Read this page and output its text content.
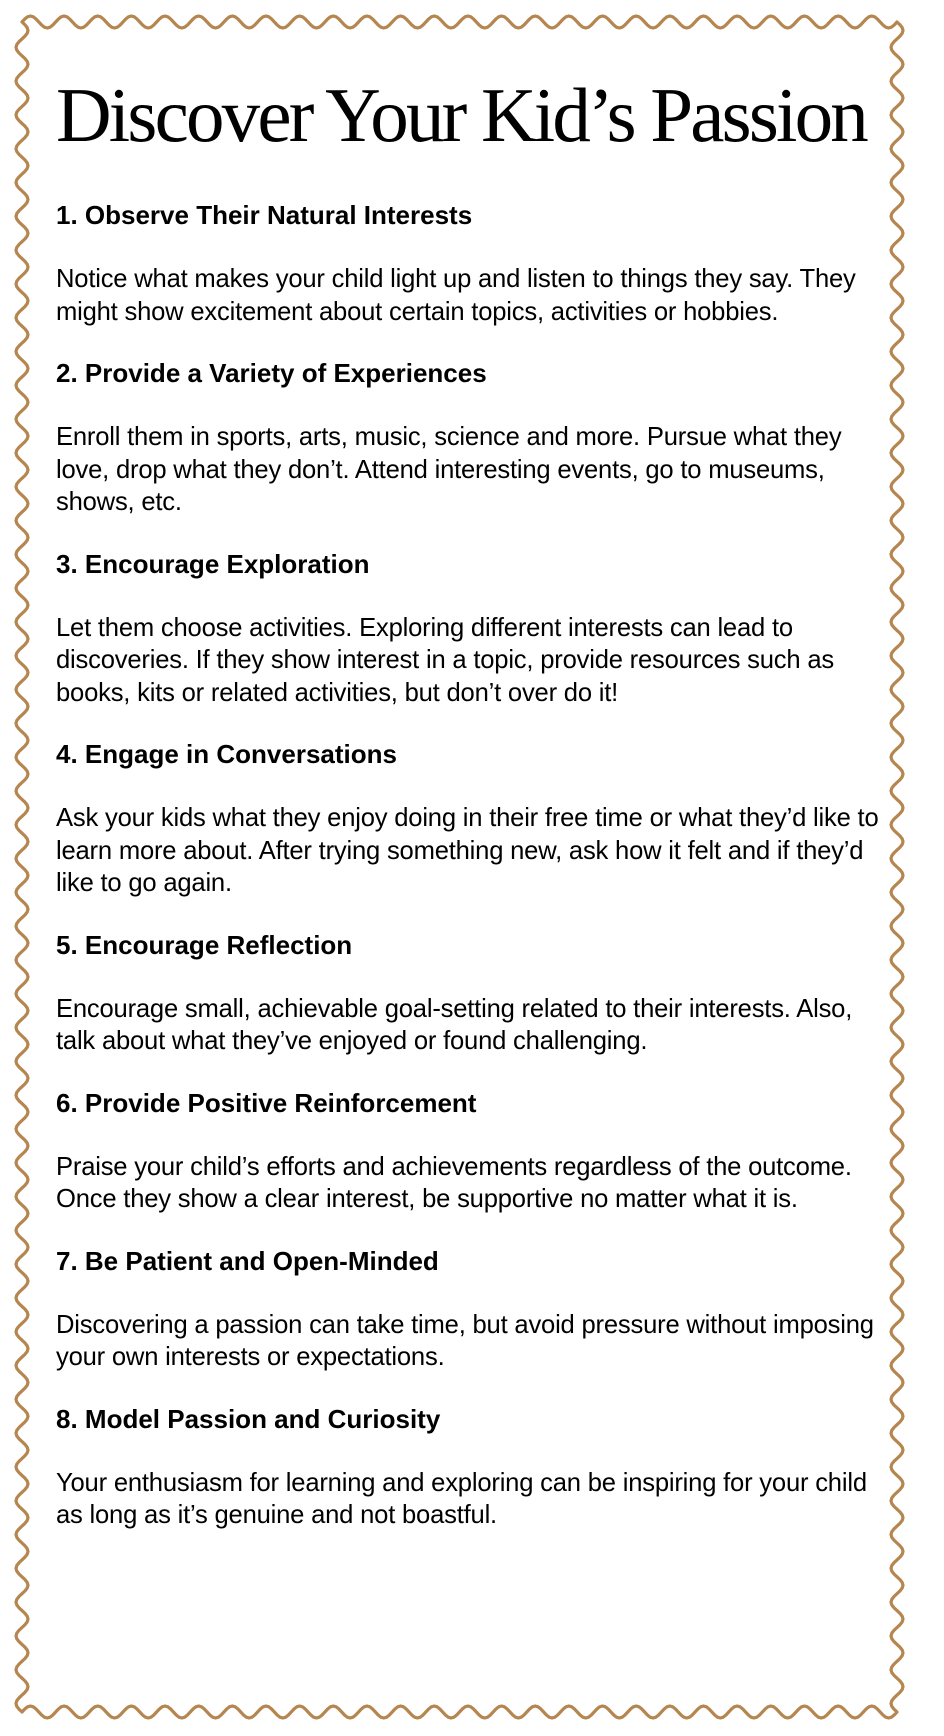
Discover Your Kid’s Passion
1. Observe Their Natural Interests

Notice what makes your child light up and listen to things they say. They might show excitement about certain topics, activities or hobbies.

2. Provide a Variety of Experiences

Enroll them in sports, arts, music, science and more. Pursue what they love, drop what they don’t. Attend interesting events, go to museums, shows, etc.

3. Encourage Exploration

Let them choose activities. Exploring different interests can lead to discoveries. If they show interest in a topic, provide resources such as books, kits or related activities, but don’t over do it!

4. Engage in Conversations

Ask your kids what they enjoy doing in their free time or what they’d like to learn more about. After trying something new, ask how it felt and if they’d like to go again.

5. Encourage Reflection

Encourage small, achievable goal-setting related to their interests. Also, talk about what they’ve enjoyed or found challenging.

6. Provide Positive Reinforcement

Praise your child’s efforts and achievements regardless of the outcome. Once they show a clear interest, be supportive no matter what it is.

7. Be Patient and Open-Minded

Discovering a passion can take time, but avoid pressure without imposing your own interests or expectations.

8. Model Passion and Curiosity

Your enthusiasm for learning and exploring can be inspiring for your child as long as it’s genuine and not boastful.
